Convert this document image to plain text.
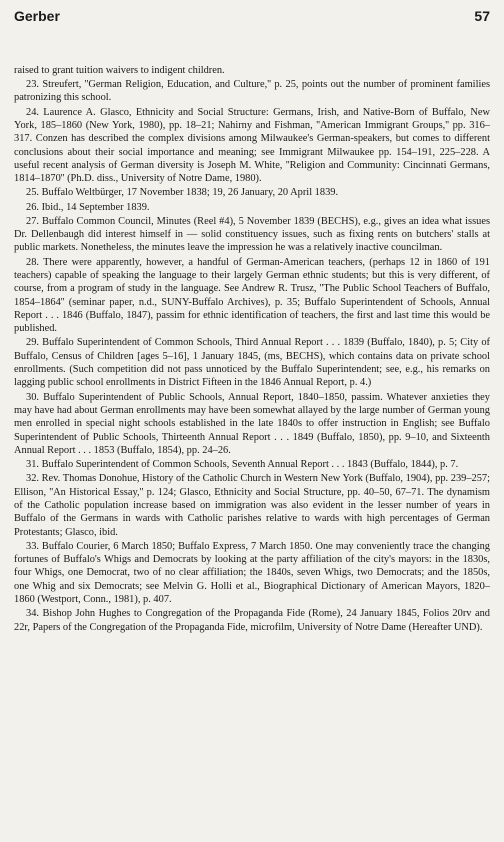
Gerber	57

raised to grant tuition waivers to indigent children.

23. Streufert, ''German Religion, Education, and Culture,'' p. 25, points out the number of prominent families patronizing this school.

24. Laurence A. Glasco, Ethnicity and Social Structure: Germans, Irish, and Native-Born of Buffalo, New York, 185–1860 (New York, 1980), pp. 18–21; Nahirny and Fishman, ''American Immigrant Groups,'' pp. 316–317. Conzen has described the complex divisions among Milwaukee's German-speakers, but comes to different conclusions about their social importance and meaning; see Immigrant Milwaukee pp. 154–191, 225–228. A useful recent analysis of German diversity is Joseph M. White, ''Religion and Community: Cincinnati Germans, 1814–1870'' (Ph.D. diss., University of Notre Dame, 1980).

25. Buffalo Weltbürger, 17 November 1838; 19, 26 January, 20 April 1839.

26. Ibid., 14 September 1839.

27. Buffalo Common Council, Minutes (Reel #4), 5 November 1839 (BECHS), e.g., gives an idea what issues Dr. Dellenbaugh did interest himself in — solid constituency issues, such as fixing rents on butchers' stalls at public markets. Nonetheless, the minutes leave the impression he was a relatively inactive councilman.

28. There were apparently, however, a handful of German-American teachers, (perhaps 12 in 1860 of 191 teachers) capable of speaking the language to their largely German ethnic students; but this is very different, of course, from a program of study in the language. See Andrew R. Trusz, ''The Public School Teachers of Buffalo, 1854–1864'' (seminar paper, n.d., SUNY-Buffalo Archives), p. 35; Buffalo Superintendent of Schools, Annual Report . . . 1846 (Buffalo, 1847), passim for ethnic identification of teachers, the first and last time this would be published.

29. Buffalo Superintendent of Common Schools, Third Annual Report . . . 1839 (Buffalo, 1840), p. 5; City of Buffalo, Census of Children [ages 5–16], 1 January 1845, (ms, BECHS), which contains data on private school enrollments. (Such competition did not pass unnoticed by the Buffalo Superintendent; see, e.g., his remarks on lagging public school enrollments in District Fifteen in the 1846 Annual Report, p. 4.)

30. Buffalo Superintendent of Public Schools, Annual Report, 1840–1850, passim. Whatever anxieties they may have had about German enrollments may have been somewhat allayed by the large number of German young men enrolled in special night schools established in the late 1840s to offer instruction in English; see Buffalo Superintendent of Public Schools, Thirteenth Annual Report . . . 1849 (Buffalo, 1850), pp. 9–10, and Sixteenth Annual Report . . . 1853 (Buffalo, 1854), pp. 24–26.

31. Buffalo Superintendent of Common Schools, Seventh Annual Report . . . 1843 (Buffalo, 1844), p. 7.

32. Rev. Thomas Donohue, History of the Catholic Church in Western New York (Buffalo, 1904), pp. 239–257; Ellison, ''An Historical Essay,'' p. 124; Glasco, Ethnicity and Social Structure, pp. 40–50, 67–71. The dynamism of the Catholic population increase based on immigration was also evident in the lesser number of years in Buffalo of the Germans in wards with Catholic parishes relative to wards with high percentages of German Protestants; Glasco, ibid.

33. Buffalo Courier, 6 March 1850; Buffalo Express, 7 March 1850. One may conveniently trace the changing fortunes of Buffalo's Whigs and Democrats by looking at the party affiliation of the city's mayors: in the 1830s, four Whigs, one Democrat, two of no clear affiliation; the 1840s, seven Whigs, two Democrats; and the 1850s, one Whig and six Democrats; see Melvin G. Holli et al., Biographical Dictionary of American Mayors, 1820–1860 (Westport, Conn., 1981), p. 407.

34. Bishop John Hughes to Congregation of the Propaganda Fide (Rome), 24 January 1845, Folios 20rv and 22r, Papers of the Congregation of the Propaganda Fide, microfilm, University of Notre Dame (Hereafter UND).
